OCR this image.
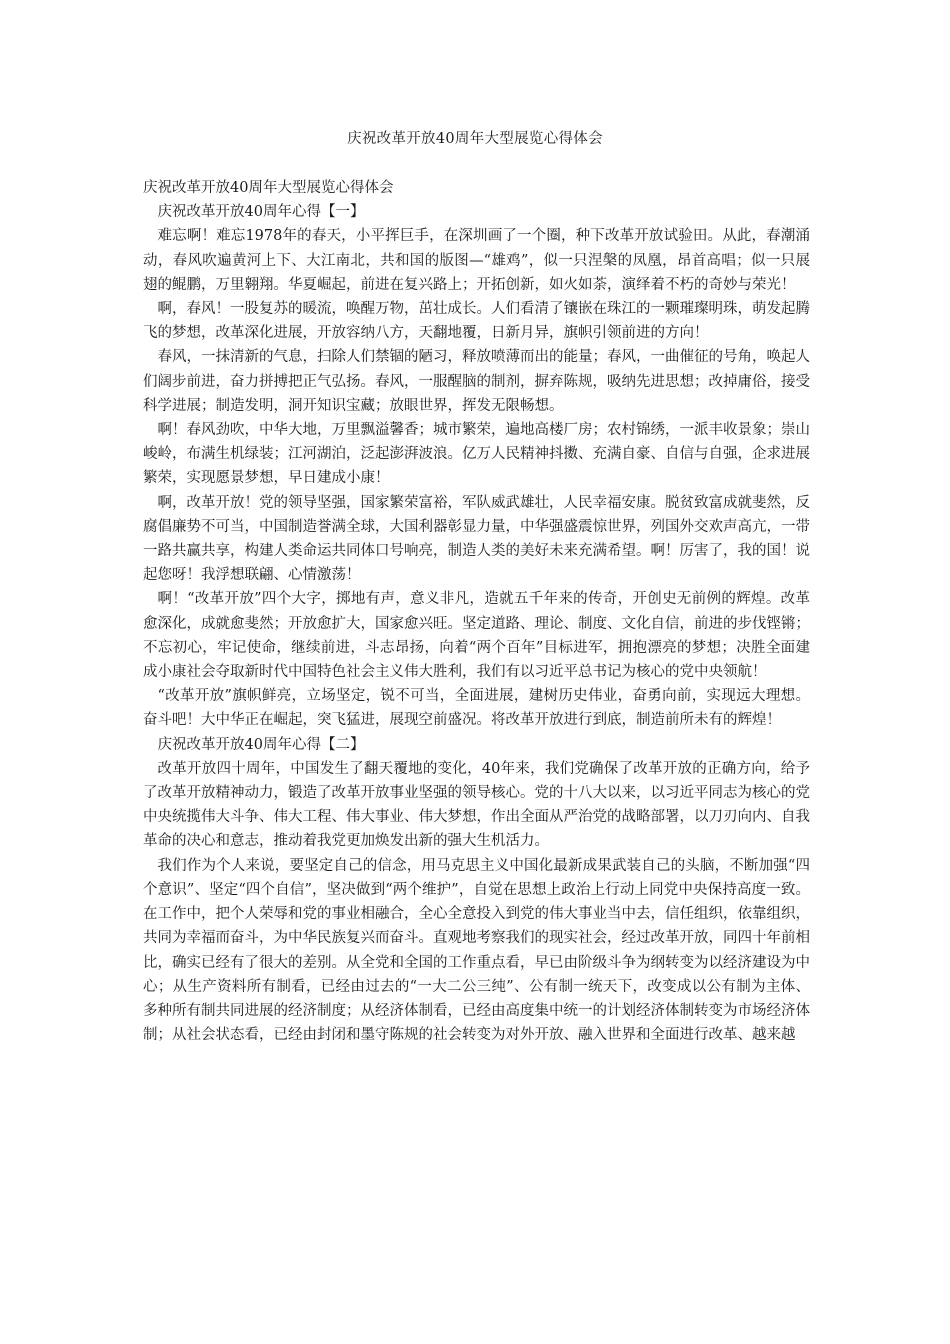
庆祝改革开放40周年大型展览心得体会

庆祝改革开放40周年大型展览心得体会

庆祝改革开放40周年心得【一】

难忘啊！难忘1978年的春天，小平挥巨手，在深圳画了一个圈，种下改革开放试验田。从此，春潮涌动，春风吹遍黄河上下、大江南北，共和国的版图—“雄鸡”，似一只涅槃的凤凰，昂首高唱；似一只展翅的鲲鹏，万里翱翔。华夏崛起，前进在复兴路上；开拓创新，如火如荼，演绎着不朽的奇妙与荣光！

啊，春风！一股复苏的暖流，唤醒万物，茁壮成长。人们看清了镶嵌在珠江的一颗璀璨明珠，萌发起腾飞的梦想，改革深化进展，开放容纳八方，天翻地覆，日新月异，旗帜引领前进的方向！

春风，一抹清新的气息，扫除人们禁锢的陋习，释放喷薄而出的能量；春风，一曲催征的号角，唤起人们阔步前进，奋力拼搏把正气弘扬。春风，一服醒脑的制剂，摒弃陈规，吸纳先进思想；改掉庸俗，接受科学进展；制造发明，洞开知识宝藏；放眼世界，挥发无限畅想。

啊！春风劲吹，中华大地，万里飘溢馨香；城市繁荣，遍地高楼厂房；农村锦绣，一派丰收景象；崇山峻岭，布满生机绿装；江河湖泊，泛起澎湃波浪。亿万人民精神抖擞、充满自豪、自信与自强，企求进展繁荣，实现愿景梦想，早日建成小康！

啊，改革开放！党的领导坚强，国家繁荣富裕，军队威武雄壮，人民幸福安康。脱贫致富成就斐然，反腐倡廉势不可当，中国制造誉满全球，大国利器彰显力量，中华强盛震惊世界，列国外交欢声高亢，一带一路共赢共享，构建人类命运共同体口号响亮，制造人类的美好未来充满希望。啊！厉害了，我的国！说起您呀！我浮想联翩、心情激荡！

啊！“改革开放”四个大字，掷地有声，意义非凡，造就五千年来的传奇，开创史无前例的辉煌。改革愈深化，成就愈斐然；开放愈扩大，国家愈兴旺。坚定道路、理论、制度、文化自信，前进的步伐铿锵；不忘初心，牢记使命，继续前进，斗志昂扬，向着“两个百年”目标进军，拥抱漂亮的梦想；决胜全面建成小康社会夺取新时代中国特色社会主义伟大胜利，我们有以习近平总书记为核心的党中央领航！

“改革开放”旗帜鲜亮，立场坚定，锐不可当，全面进展，建树历史伟业，奋勇向前，实现远大理想。奋斗吧！大中华正在崛起，突飞猛进，展现空前盛况。将改革开放进行到底，制造前所未有的辉煌！

庆祝改革开放40周年心得【二】

改革开放四十周年，中国发生了翻天覆地的变化，40年来，我们党确保了改革开放的正确方向，给予了改革开放精神动力，锻造了改革开放事业坚强的领导核心。党的十八大以来，以习近平同志为核心的党中央统揽伟大斗争、伟大工程、伟大事业、伟大梦想，作出全面从严治党的战略部署，以刀刃向内、自我革命的决心和意志，推动着我党更加焕发出新的强大生机活力。

我们作为个人来说，要坚定自己的信念，用马克思主义中国化最新成果武装自己的头脑，不断加强“四个意识”、坚定“四个自信”，坚决做到“两个维护”，自觉在思想上政治上行动上同党中央保持高度一致。在工作中，把个人荣辱和党的事业相融合，全心全意投入到党的伟大事业当中去，信任组织，依靠组织，共同为幸福而奋斗，为中华民族复兴而奋斗。直观地考察我们的现实社会，经过改革开放，同四十年前相比，确实已经有了很大的差别。从全党和全国的工作重点看，早已由阶级斗争为纲转变为以经济建设为中心；从生产资料所有制看，已经由过去的“一大二公三纯”、公有制一统天下，改变成以公有制为主体、多种所有制共同进展的经济制度；从经济体制看，已经由高度集中统一的计划经济体制转变为市场经济体制；从社会状态看，已经由封闭和墨守陈规的社会转变为对外开放、融入世界和全面进行改革、越来越
